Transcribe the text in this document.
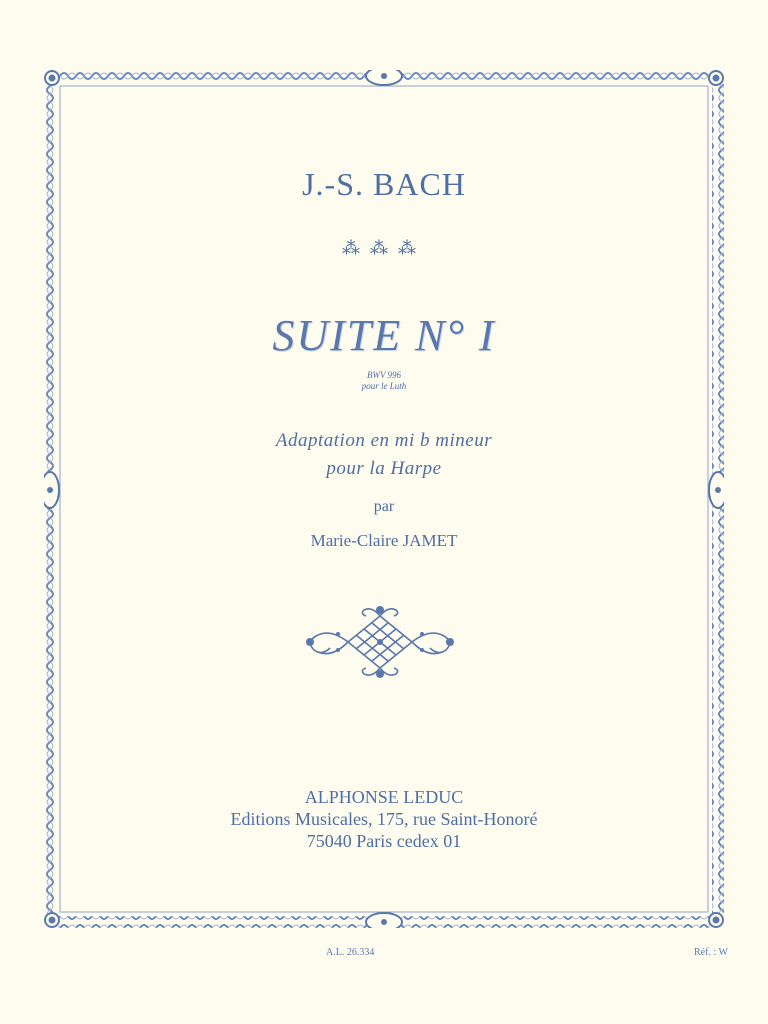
J.-S. BACH
⁂⁂⁂
SUITE N° I
BWV 996
pour le Luth
Adaptation en mi b mineur
pour la Harpe
par
Marie-Claire JAMET
ALPHONSE LEDUC
Editions Musicales, 175, rue Saint-Honoré
75040 Paris cedex 01
A.L. 26.334	Réf. : W
